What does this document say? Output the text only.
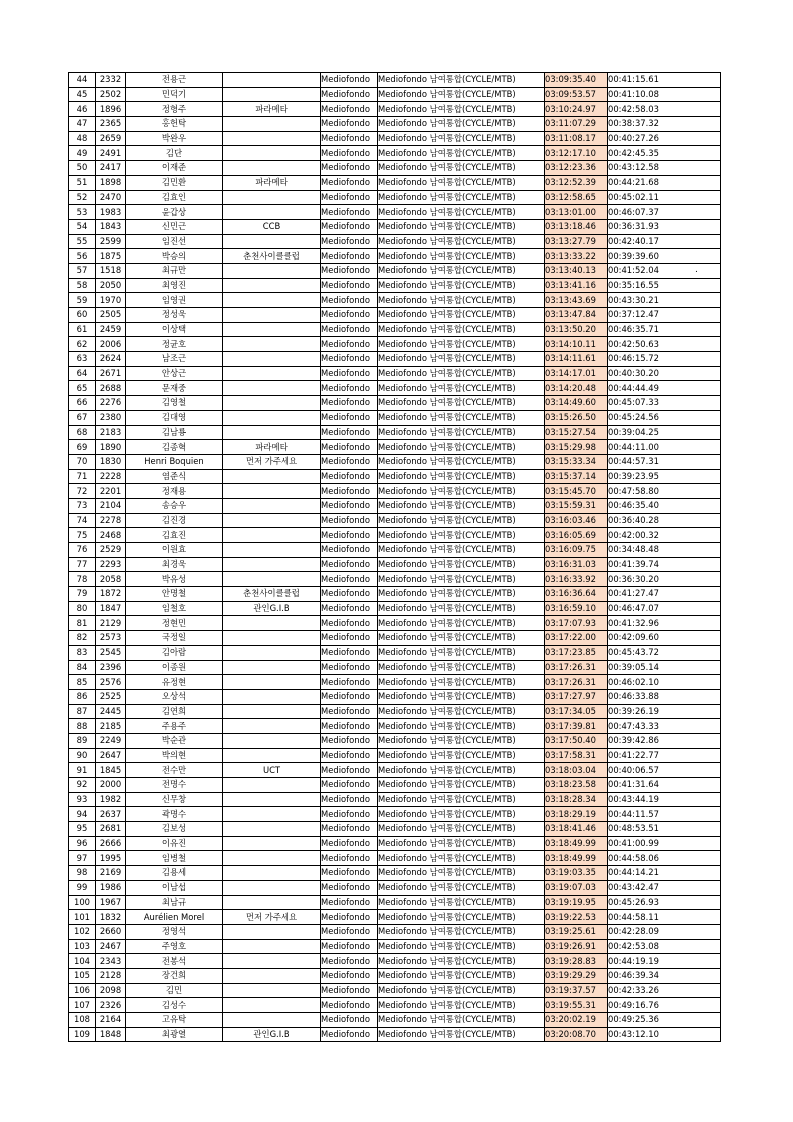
44	2332	전용근		Mediofondo	Mediofondo 남여통합(CYCLE/MTB)	03:09:35.40	00:41:15.61
45	2502	민덕기		Mediofondo	Mediofondo 남여통합(CYCLE/MTB)	03:09:53.57	00:41:10.08
46	1896	정형주	파라메타	Mediofondo	Mediofondo 남여통합(CYCLE/MTB)	03:10:24.97	00:42:58.03
47	2365	홍헌탁		Mediofondo	Mediofondo 남여통합(CYCLE/MTB)	03:11:07.29	00:38:37.32
48	2659	박완우		Mediofondo	Mediofondo 남여통합(CYCLE/MTB)	03:11:08.17	00:40:27.26
49	2491	김단		Mediofondo	Mediofondo 남여통합(CYCLE/MTB)	03:12:17.10	00:42:45.35
50	2417	이재준		Mediofondo	Mediofondo 남여통합(CYCLE/MTB)	03:12:23.36	00:43:12.58
51	1898	김민환	파라메타	Mediofondo	Mediofondo 남여통합(CYCLE/MTB)	03:12:52.39	00:44:21.68
52	2470	김효인		Mediofondo	Mediofondo 남여통합(CYCLE/MTB)	03:12:58.65	00:45:02.11
53	1983	윤갑상		Mediofondo	Mediofondo 남여통합(CYCLE/MTB)	03:13:01.00	00:46:07.37
54	1843	신민근	CCB	Mediofondo	Mediofondo 남여통합(CYCLE/MTB)	03:13:18.46	00:36:31.93
55	2599	임진선		Mediofondo	Mediofondo 남여통합(CYCLE/MTB)	03:13:27.79	00:42:40.17
56	1875	박승의	춘천사이클클럽	Mediofondo	Mediofondo 남여통합(CYCLE/MTB)	03:13:33.22	00:39:39.60
57	1518	최규만		Mediofondo	Mediofondo 남여통합(CYCLE/MTB)	03:13:40.13	00:41:52.04
58	2050	최영진		Mediofondo	Mediofondo 남여통합(CYCLE/MTB)	03:13:41.16	00:35:16.55
59	1970	임영권		Mediofondo	Mediofondo 남여통합(CYCLE/MTB)	03:13:43.69	00:43:30.21
60	2505	정성욱		Mediofondo	Mediofondo 남여통합(CYCLE/MTB)	03:13:47.84	00:37:12.47
61	2459	이상택		Mediofondo	Mediofondo 남여통합(CYCLE/MTB)	03:13:50.20	00:46:35.71
62	2006	정균호		Mediofondo	Mediofondo 남여통합(CYCLE/MTB)	03:14:10.11	00:42:50.63
63	2624	남조근		Mediofondo	Mediofondo 남여통합(CYCLE/MTB)	03:14:11.61	00:46:15.72
64	2671	안상근		Mediofondo	Mediofondo 남여통합(CYCLE/MTB)	03:14:17.01	00:40:30.20
65	2688	문재중		Mediofondo	Mediofondo 남여통합(CYCLE/MTB)	03:14:20.48	00:44:44.49
66	2276	김영철		Mediofondo	Mediofondo 남여통합(CYCLE/MTB)	03:14:49.60	00:45:07.33
67	2380	김대영		Mediofondo	Mediofondo 남여통합(CYCLE/MTB)	03:15:26.50	00:45:24.56
68	2183	김남룡		Mediofondo	Mediofondo 남여통합(CYCLE/MTB)	03:15:27.54	00:39:04.25
69	1890	김종혁	파라메타	Mediofondo	Mediofondo 남여통합(CYCLE/MTB)	03:15:29.98	00:44:11.00
70	1830	Henri Boquien	먼저 가주세요	Mediofondo	Mediofondo 남여통합(CYCLE/MTB)	03:15:33.34	00:44:57.31
71	2228	염준식		Mediofondo	Mediofondo 남여통합(CYCLE/MTB)	03:15:37.14	00:39:23.95
72	2201	정재용		Mediofondo	Mediofondo 남여통합(CYCLE/MTB)	03:15:45.70	00:47:58.80
73	2104	송승우		Mediofondo	Mediofondo 남여통합(CYCLE/MTB)	03:15:59.31	00:46:35.40
74	2278	김진경		Mediofondo	Mediofondo 남여통합(CYCLE/MTB)	03:16:03.46	00:36:40.28
75	2468	김효진		Mediofondo	Mediofondo 남여통합(CYCLE/MTB)	03:16:05.69	00:42:00.32
76	2529	이원효		Mediofondo	Mediofondo 남여통합(CYCLE/MTB)	03:16:09.75	00:34:48.48
77	2293	최경욱		Mediofondo	Mediofondo 남여통합(CYCLE/MTB)	03:16:31.03	00:41:39.74
78	2058	박유성		Mediofondo	Mediofondo 남여통합(CYCLE/MTB)	03:16:33.92	00:36:30.20
79	1872	안명철	춘천사이클클럽	Mediofondo	Mediofondo 남여통합(CYCLE/MTB)	03:16:36.64	00:41:27.47
80	1847	임철호	관인G.I.B	Mediofondo	Mediofondo 남여통합(CYCLE/MTB)	03:16:59.10	00:46:47.07
81	2129	정현민		Mediofondo	Mediofondo 남여통합(CYCLE/MTB)	03:17:07.93	00:41:32.96
82	2573	국정일		Mediofondo	Mediofondo 남여통합(CYCLE/MTB)	03:17:22.00	00:42:09.60
83	2545	김아람		Mediofondo	Mediofondo 남여통합(CYCLE/MTB)	03:17:23.85	00:45:43.72
84	2396	이종원		Mediofondo	Mediofondo 남여통합(CYCLE/MTB)	03:17:26.31	00:39:05.14
85	2576	유정현		Mediofondo	Mediofondo 남여통합(CYCLE/MTB)	03:17:26.31	00:46:02.10
86	2525	오상석		Mediofondo	Mediofondo 남여통합(CYCLE/MTB)	03:17:27.97	00:46:33.88
87	2445	김연희		Mediofondo	Mediofondo 남여통합(CYCLE/MTB)	03:17:34.05	00:39:26.19
88	2185	주용주		Mediofondo	Mediofondo 남여통합(CYCLE/MTB)	03:17:39.81	00:47:43.33
89	2249	박순관		Mediofondo	Mediofondo 남여통합(CYCLE/MTB)	03:17:50.40	00:39:42.86
90	2647	박의현		Mediofondo	Mediofondo 남여통합(CYCLE/MTB)	03:17:58.31	00:41:22.77
91	1845	전수만	UCT	Mediofondo	Mediofondo 남여통합(CYCLE/MTB)	03:18:03.04	00:40:06.57
92	2000	전명수		Mediofondo	Mediofondo 남여통합(CYCLE/MTB)	03:18:23.58	00:41:31.64
93	1982	신무창		Mediofondo	Mediofondo 남여통합(CYCLE/MTB)	03:18:28.34	00:43:44.19
94	2637	곽명수		Mediofondo	Mediofondo 남여통합(CYCLE/MTB)	03:18:29.19	00:44:11.57
95	2681	김보성		Mediofondo	Mediofondo 남여통합(CYCLE/MTB)	03:18:41.46	00:48:53.51
96	2666	이유진		Mediofondo	Mediofondo 남여통합(CYCLE/MTB)	03:18:49.99	00:41:00.99
97	1995	임병철		Mediofondo	Mediofondo 남여통합(CYCLE/MTB)	03:18:49.99	00:44:58.06
98	2169	김용세		Mediofondo	Mediofondo 남여통합(CYCLE/MTB)	03:19:03.35	00:44:14.21
99	1986	이남섭		Mediofondo	Mediofondo 남여통합(CYCLE/MTB)	03:19:07.03	00:43:42.47
100	1967	최남규		Mediofondo	Mediofondo 남여통합(CYCLE/MTB)	03:19:19.95	00:45:26.93
101	1832	Aurélien Morel	먼저 가주세요	Mediofondo	Mediofondo 남여통합(CYCLE/MTB)	03:19:22.53	00:44:58.11
102	2660	정영석		Mediofondo	Mediofondo 남여통합(CYCLE/MTB)	03:19:25.61	00:42:28.09
103	2467	주영호		Mediofondo	Mediofondo 남여통합(CYCLE/MTB)	03:19:26.91	00:42:53.08
104	2343	전봉석		Mediofondo	Mediofondo 남여통합(CYCLE/MTB)	03:19:28.83	00:44:19.19
105	2128	장건희		Mediofondo	Mediofondo 남여통합(CYCLE/MTB)	03:19:29.29	00:46:39.34
106	2098	김민		Mediofondo	Mediofondo 남여통합(CYCLE/MTB)	03:19:37.57	00:42:33.26
107	2326	김성수		Mediofondo	Mediofondo 남여통합(CYCLE/MTB)	03:19:55.31	00:49:16.76
108	2164	고유탁		Mediofondo	Mediofondo 남여통합(CYCLE/MTB)	03:20:02.19	00:49:25.36
109	1848	최광열	관인G.I.B	Mediofondo	Mediofondo 남여통합(CYCLE/MTB)	03:20:08.70	00:43:12.10
.
